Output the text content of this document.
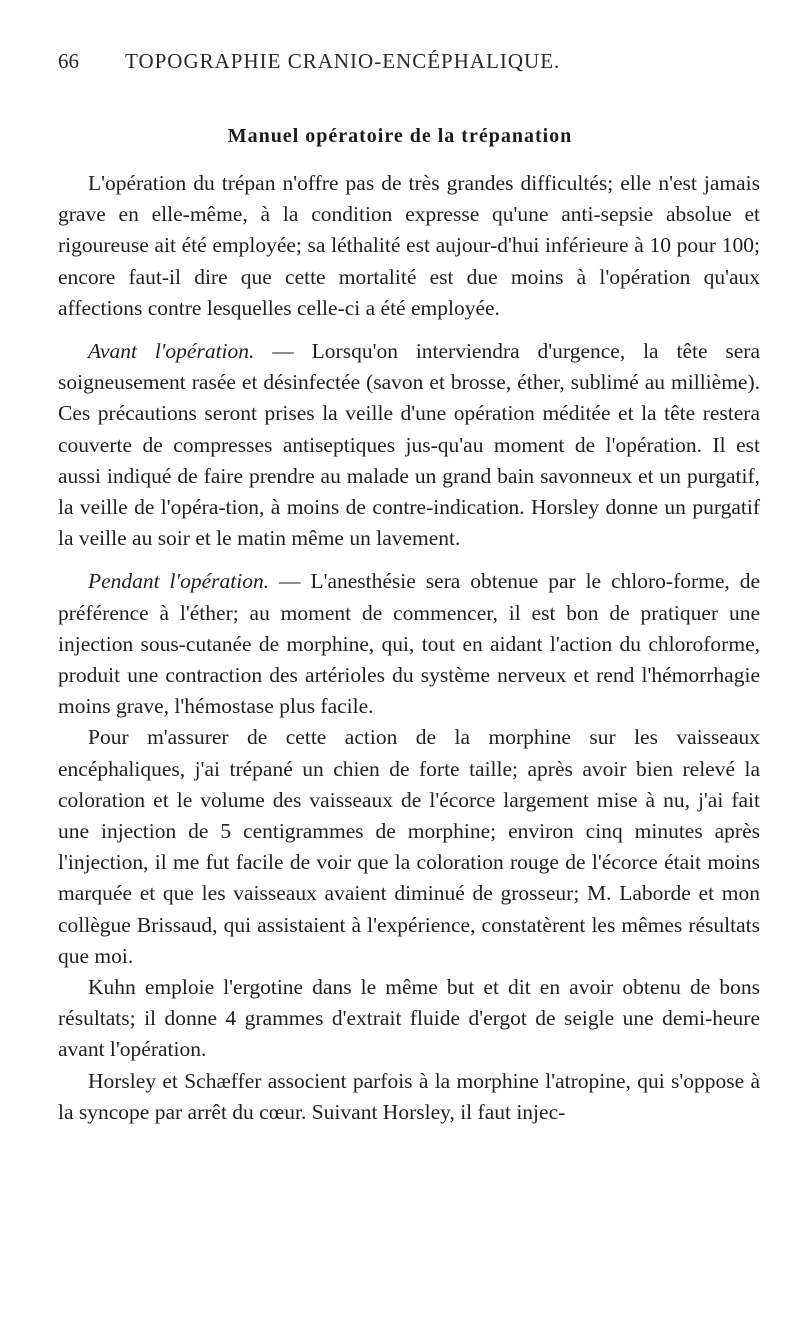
66 TOPOGRAPHIE CRANIO-ENCÉPHALIQUE.
Manuel opératoire de la trépanation

L'opération du trépan n'offre pas de très grandes difficultés; elle n'est jamais grave en elle-même, à la condition expresse qu'une anti-sepsie absolue et rigoureuse ait été employée; sa léthalité est aujour-d'hui inférieure à 10 pour 100; encore faut-il dire que cette mortalité est due moins à l'opération qu'aux affections contre lesquelles celle-ci a été employée.

Avant l'opération. — Lorsqu'on interviendra d'urgence, la tête sera soigneusement rasée et désinfectée (savon et brosse, éther, sublimé au millième). Ces précautions seront prises la veille d'une opération méditée et la tête restera couverte de compresses antiseptiques jus-qu'au moment de l'opération. Il est aussi indiqué de faire prendre au malade un grand bain savonneux et un purgatif, la veille de l'opéra-tion, à moins de contre-indication. Horsley donne un purgatif la veille au soir et le matin même un lavement.

Pendant l'opération. — L'anesthésie sera obtenue par le chloro-forme, de préférence à l'éther; au moment de commencer, il est bon de pratiquer une injection sous-cutanée de morphine, qui, tout en aidant l'action du chloroforme, produit une contraction des artérioles du système nerveux et rend l'hémorrhagie moins grave, l'hémostase plus facile.

Pour m'assurer de cette action de la morphine sur les vaisseaux encéphaliques, j'ai trépané un chien de forte taille; après avoir bien relevé la coloration et le volume des vaisseaux de l'écorce largement mise à nu, j'ai fait une injection de 5 centigrammes de morphine; environ cinq minutes après l'injection, il me fut facile de voir que la coloration rouge de l'écorce était moins marquée et que les vaisseaux avaient diminué de grosseur; M. Laborde et mon collègue Brissaud, qui assistaient à l'expérience, constatèrent les mêmes résultats que moi.

Kuhn emploie l'ergotine dans le même but et dit en avoir obtenu de bons résultats; il donne 4 grammes d'extrait fluide d'ergot de seigle une demi-heure avant l'opération.

Horsley et Schæffer associent parfois à la morphine l'atropine, qui s'oppose à la syncope par arrêt du cœur. Suivant Horsley, il faut injec-
